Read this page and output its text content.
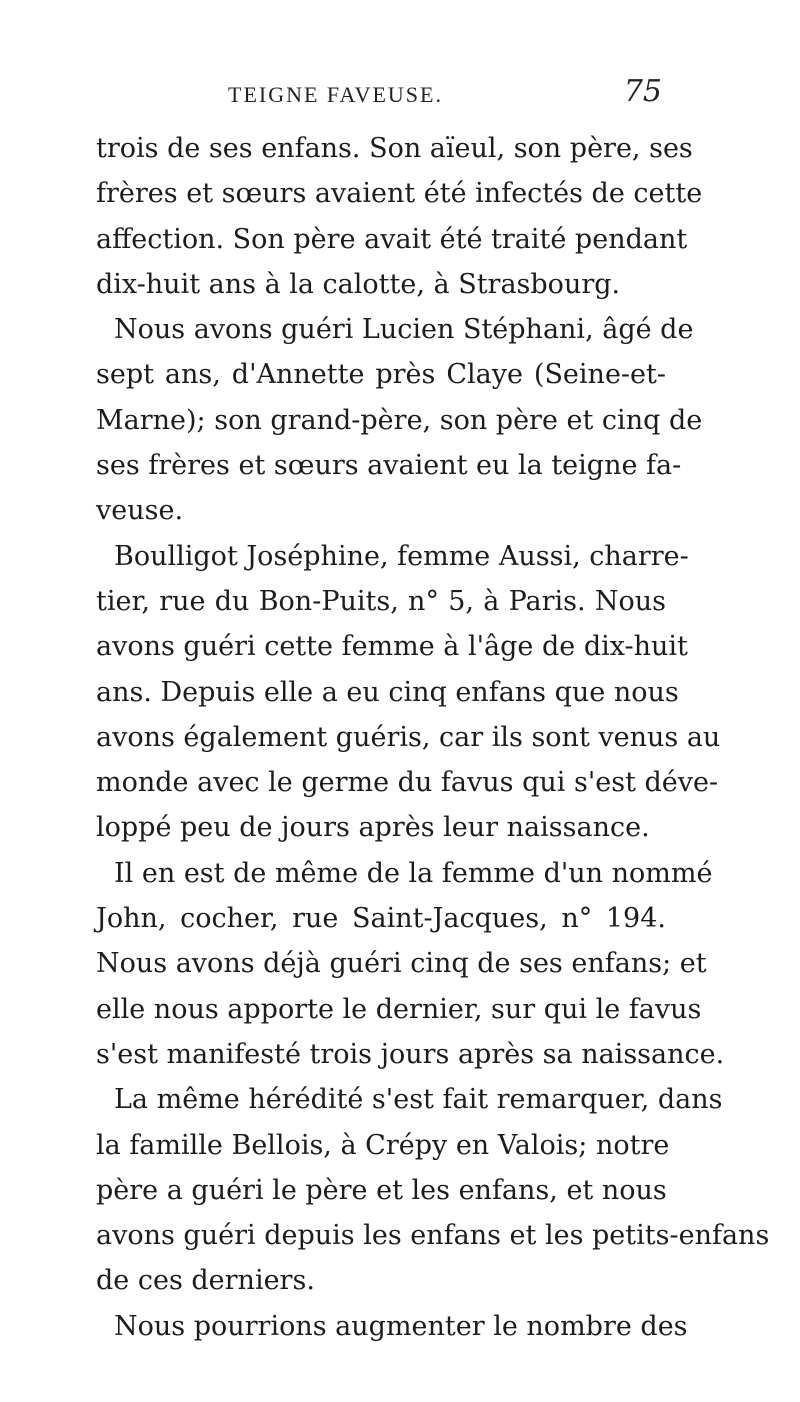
TEIGNE FAVEUSE.	75
trois de ses enfans. Son aïeul, son père, ses
frères et sœurs avaient été infectés de cette
affection. Son père avait été traité pendant
dix-huit ans à la calotte, à Strasbourg.
Nous avons guéri Lucien Stéphani, âgé de
sept ans, d'Annette près Claye (Seine-et-
Marne); son grand-père, son père et cinq de
ses frères et sœurs avaient eu la teigne fa-
veuse.
Boulligot Joséphine, femme Aussi, charre-
tier, rue du Bon-Puits, n° 5, à Paris. Nous
avons guéri cette femme à l'âge de dix-huit
ans. Depuis elle a eu cinq enfans que nous
avons également guéris, car ils sont venus au
monde avec le germe du favus qui s'est déve-
loppé peu de jours après leur naissance.
Il en est de même de la femme d'un nommé
John, cocher, rue Saint-Jacques, n° 194.
Nous avons déjà guéri cinq de ses enfans; et
elle nous apporte le dernier, sur qui le favus
s'est manifesté trois jours après sa naissance.
La même hérédité s'est fait remarquer, dans
la famille Bellois, à Crépy en Valois; notre
père a guéri le père et les enfans, et nous
avons guéri depuis les enfans et les petits-enfans
de ces derniers.
Nous pourrions augmenter le nombre des
